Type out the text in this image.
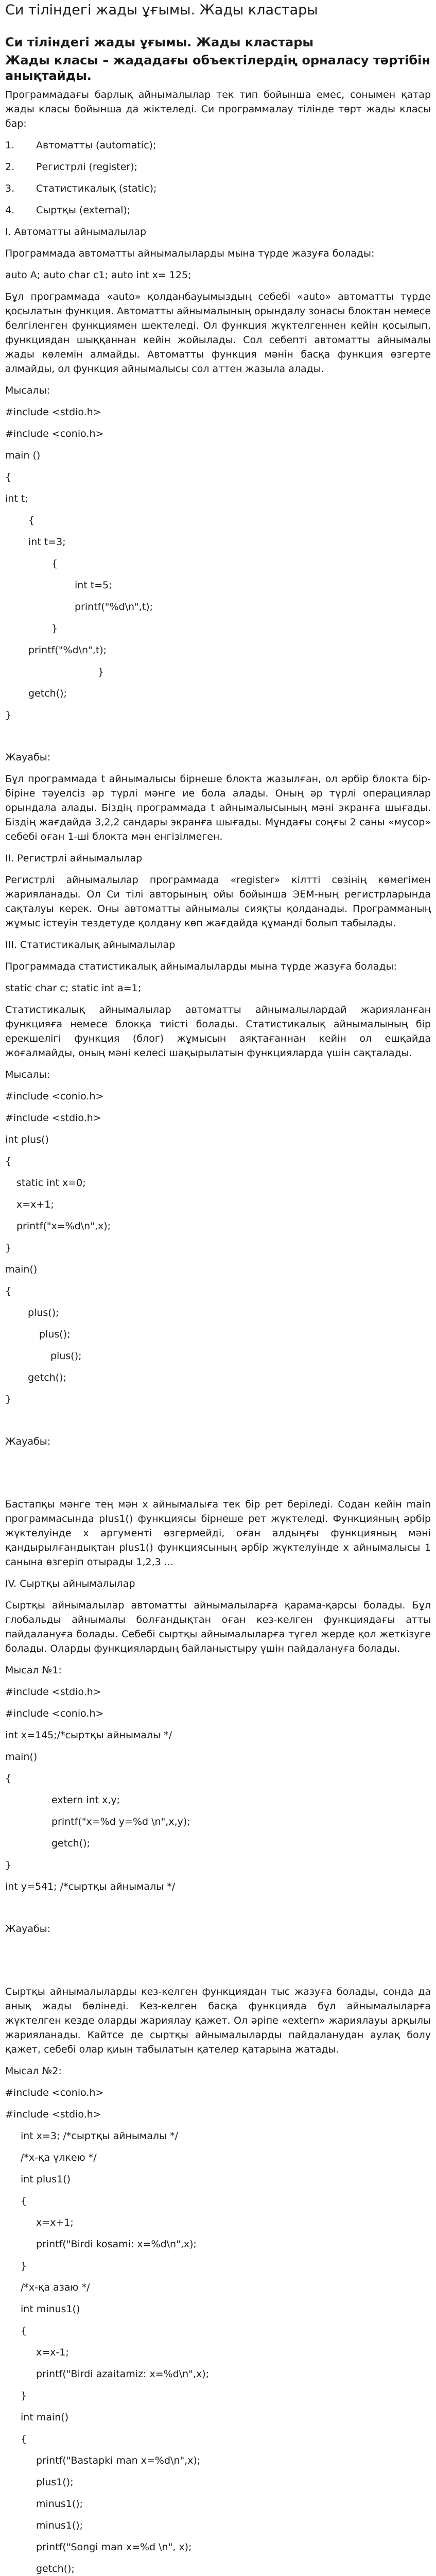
Си тіліндегі жады ұғымы. Жады кластары
Си тіліндегі жады ұғымы. Жады кластары
Жады класы – жададағы объектілердің орналасу тәртібін анықтайды.

Программадағы барлық айнымалылар тек тип бойынша емес, сонымен қатар жады класы бойынша да жіктеледі. Си программалау тілінде төрт жады класы бар:

1.	Автоматты (automatic);
2.	Регистрлі (register);
3.	Статистикалық (static);
4.	Сыртқы (external);

I. Автоматты айнымалылар

Программада автоматты айнымалыларды мына түрде жазуға болады:

auto A; auto char c1; auto int x= 125;

Бұл программада «auto» қолданбауымыздың себебі «auto» автоматты түрде қосылатын функция. Автоматты айнымалының орындалу зонасы блоктан немесе белгіленген функциямен шектеледі. Ол функция жүктелгеннен кейін қосылып, функциядан шыққаннан кейін жойылады. Сол себепті автоматты айнымалы жады көлемін алмайды. Автоматты функция мәнін басқа функция өзгерте алмайды, ол функция айнымалысы сол аттен жазыла алады.

Мысалы:

#include <stdio.h>

#include <conio.h>

main ()

{

int t;

{

int t=3;

{

int t=5;

printf("%d\n",t);

}

printf("%d\n",t);

}

getch();

}

Жауабы:

Бұл программада t айнымалысы бірнеше блокта жазылған, ол әрбір блокта бір-біріне тәуелсіз әр түрлі мәнге ие бола алады. Оның әр түрлі операциялар орындала алады. Біздің программада t айнымалысының мәні экранға шығады. Біздің жағдайда 3,2,2 сандары экранға шығады. Мұндағы соңғы 2 саны «мусор» себебі оған 1-ші блокта мән енгізілмеген.

II. Регистрлі айнымалылар

Регистрлі айнымалылар программада «register» кілтті сөзінің көмегімен жарияланады. Ол Си тілі авторының ойы бойынша ЭЕМ-ның регистрларында сақталуы керек. Оны автоматты айнымалы сияқты қолданады. Программаның жұмыс істеуін тездетуде қолдану көп жағдайда құманді болып табылады.

III. Статистикалық айнымалылар

Программада статистикалық айнымалыларды мына түрде жазуға болады:

static char c; static int a=1;

Статистикалық айнымалылар автоматты айнымалылардай жарияланған функцияға немесе блокқа тиісті болады. Статистикалық айнымалының бір ерекшелігі функция (блог) жұмысын аяқтағаннан кейін ол ешқайда жоғалмайды, оның мәні келесі шақырылатын функцияларда үшін сақталады.

Мысалы:

#include <conio.h>

#include <stdio.h>

int plus()

{

static int x=0;

x=x+1;

printf("x=%d\n",x);

}

main()

{

plus();

plus();

plus();

getch();

}

Жауабы:

Бастапқы мәнге тең мән x айнымалыға тек бір рет беріледі. Содан кейін main программасында plus1() функциясы бірнеше рет жүктеледі. Функцияның әрбір жүктелуінде x аргументі өзгермейді, оған алдыңғы функцияның мәні қандырылғандықтан plus1() функциясының әрбір жүктелуінде x айнымалысы 1 санына өзгеріп отырады 1,2,3 ...

IV. Сыртқы айнымалылар

Сыртқы айнымалылар автоматты айнымалыларға қарама-қарсы болады. Бұл глобальды айнымалы болғандықтан оған кез-келген функциядағы атты пайдалануға болады. Себебі сыртқы айнымалыларға түгел жерде қол жеткізуге болады. Оларды функциялардың байланыстыру үшін пайдалануға болады.

Мысал №1:

#include <stdio.h>

#include <conio.h>

int x=145;/*сыртқы айнымалы */

main()

{

extern int x,y;

printf("x=%d y=%d \n",x,y);

getch();

}

int y=541; /*сыртқы айнымалы */

Жауабы:

Сыртқы айнымалыларды кез-келген функциядан тыс жазуға болады, сонда да анық жады бөлінеді. Кез-келген басқа функцияда бұл айнымалыларға жүктелген кезде оларды жариялау қажет. Ол әріпе «extern» жариялауы арқылы жарияланады. Кайтсе де сыртқы айнымалыларды пайдаланудан аулақ болу қажет, себебі олар қиын табылатын қателер қатарына жатады.

Мысал №2:

#include <conio.h>

#include <stdio.h>

int x=3; /*сыртқы айнымалы */

/*x-қа үлкею */

int plus1()

{

x=x+1;

printf("Birdi kosami: x=%d\n",x);

}

/*x-қа азаю */

int minus1()

{

x=x-1;

printf("Birdi azaitamiz: x=%d\n",x);

}

int main()

{

printf("Bastapki man x=%d\n",x);

plus1();

minus1();

minus1();

printf("Songi man x=%d \n", x);

getch();
